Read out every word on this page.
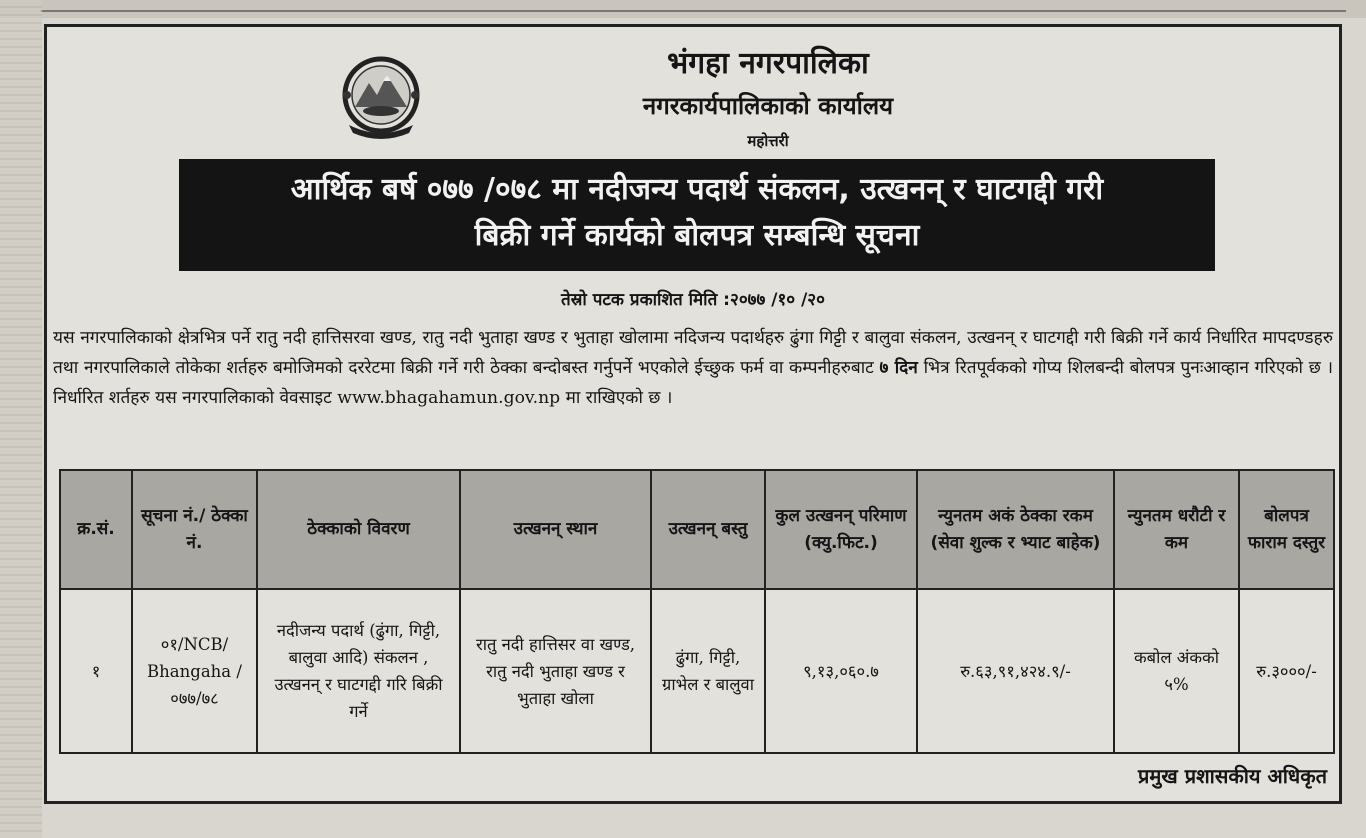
भंगहा नगरपालिका
नगरकार्यपालिकाको कार्यालय
महोत्तरी
आर्थिक बर्ष ०७७ /०७८ मा नदीजन्य पदार्थ संकलन, उत्खनन् र घाटगद्दी गरी
बिक्री गर्ने कार्यको बोलपत्र सम्बन्धि सूचना
तेस्रो पटक प्रकाशित मिति :२०७७ /१० /२०
यस नगरपालिकाको क्षेत्रभित्र पर्ने रातु नदी हात्तिसरवा खण्ड, रातु नदी भुताहा खण्ड र भुताहा खोलामा नदिजन्य पदार्थहरु ढुंगा गिट्टी र बालुवा संकलन, उत्खनन् र घाटगद्दी गरी बिक्री गर्ने कार्य निर्धारित मापदण्डहरु तथा नगरपालिकाले तोकेका शर्तहरु बमोजिमको दररेटमा बिक्री गर्ने गरी ठेक्का बन्दोबस्त गर्नुपर्ने भएकोले ईच्छुक फर्म वा कम्पनीहरुबाट ७ दिन भित्र रितपूर्वकको गोप्य शिलबन्दी बोलपत्र पुनःआव्हान गरिएको छ । निर्धारित शर्तहरु यस नगरपालिकाको वेवसाइट www.bhagahamun.gov.np मा राखिएको छ ।
क्र.सं.	सूचना नं./ ठेक्का नं.	ठेक्काको विवरण	उत्खनन् स्थान	उत्खनन् बस्तु	कुल उत्खनन् परिमाण (क्यु.फिट.)	न्युनतम अकं ठेक्का रकम (सेवा शुल्क र भ्याट बाहेक)	न्युनतम धरौटी र कम	बोलपत्र फाराम दस्तुर
१	०१/NCB/ Bhangaha /०७७/७८	नदीजन्य पदार्थ (ढुंगा, गिट्टी, बालुवा आदि) संकलन , उत्खनन् र घाटगद्दी गरि बिक्री गर्ने	रातु नदी हात्तिसर वा खण्ड, रातु नदी भुताहा खण्ड र भुताहा खोला	ढुंगा, गिट्टी, ग्राभेल र बालुवा	९,१३,०६०.७	रु.६३,९१,४२४.९/-	कबोल अंकको ५%	रु.३०००/-
प्रमुख प्रशासकीय अधिकृत
